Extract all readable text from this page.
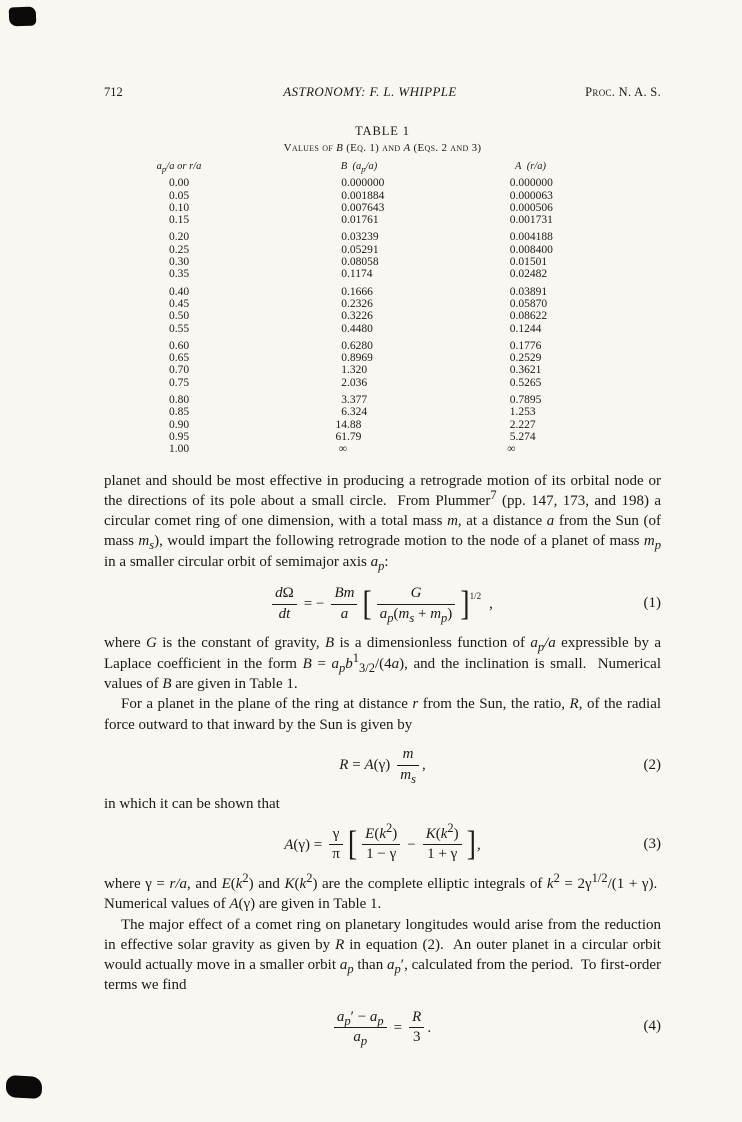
712	ASTRONOMY: F. L. WHIPPLE	Proc. N. A. S.
TABLE 1
Values of B (Eq. 1) and A (Eqs. 2 and 3)
$a_p/a$ or r/a	B  $(a_p/a)$	A  (r/a)
0.00	0.000000	0.000000
0.05	0.001884	0.000063
0.10	0.007643	0.000506
0.15	0.01761	0.001731
0.20	0.03239	0.004188
0.25	0.05291	0.008400
0.30	0.08058	0.01501
0.35	0.1174	0.02482
0.40	0.1666	0.03891
0.45	0.2326	0.05870
0.50	0.3226	0.08622
0.55	0.4480	0.1244
0.60	0.6280	0.1776
0.65	0.8969	0.2529
0.70	1.320	0.3621
0.75	2.036	0.5265
0.80	3.377	0.7895
0.85	6.324	1.253
0.90	14.88	2.227
0.95	61.79	5.274
1.00	∞	∞

planet and should be most effective in producing a retrograde motion of its orbital node or the directions of its pole about a small circle.  From Plummer$^7$ (pp. 147, 173, and 198) a circular comet ring of one dimension, with a total mass m, at a distance a from the Sun (of mass $m_s$), would impart the following retrograde motion to the node of a planet of mass $m_p$ in a smaller circular orbit of semimajor axis $a_p$:

$\frac{d\Omega}{dt}$ = − $\frac{Bm}{a}$ [ $\frac{G}{a_p(m_s + m_p)}$ ] 1/2
,	(1)

where G is the constant of gravity, B is a dimensionless function of $a_p/a$ expressible by a Laplace coefficient in the form $B = a_pb^1_{3/2}/(4a)$, and the inclination is small.  Numerical values of B are given in Table 1.

For a planet in the plane of the ring at distance r from the Sun, the ratio, R, of the radial force outward to that inward by the Sun is given by

$R = A(\gamma) \frac{m}{m_s}$ ,	(2)

in which it can be shown that

$A(\gamma) = \frac{\gamma}{\pi}$ [ $\frac{E(k^2)}{1 - \gamma} - \frac{K(k^2)}{1 + \gamma}$ ] ,	(3)

where γ = r/a, and $E(k^2)$ and $K(k^2)$ are the complete elliptic integrals of $k^2 = 2\gamma^{1/2}/(1 + \gamma)$.  Numerical values of A(γ) are given in Table 1.

The major effect of a comet ring on planetary longitudes would arise from the reduction in effective solar gravity as given by R in equation (2).  An outer planet in a circular orbit would actually move in a smaller orbit $a_p$ than $a_p'$, calculated from the period.  To first-order terms we find

$\frac{a_p' - a_p}{a_p} = \frac{R}{3}$ .	(4)
